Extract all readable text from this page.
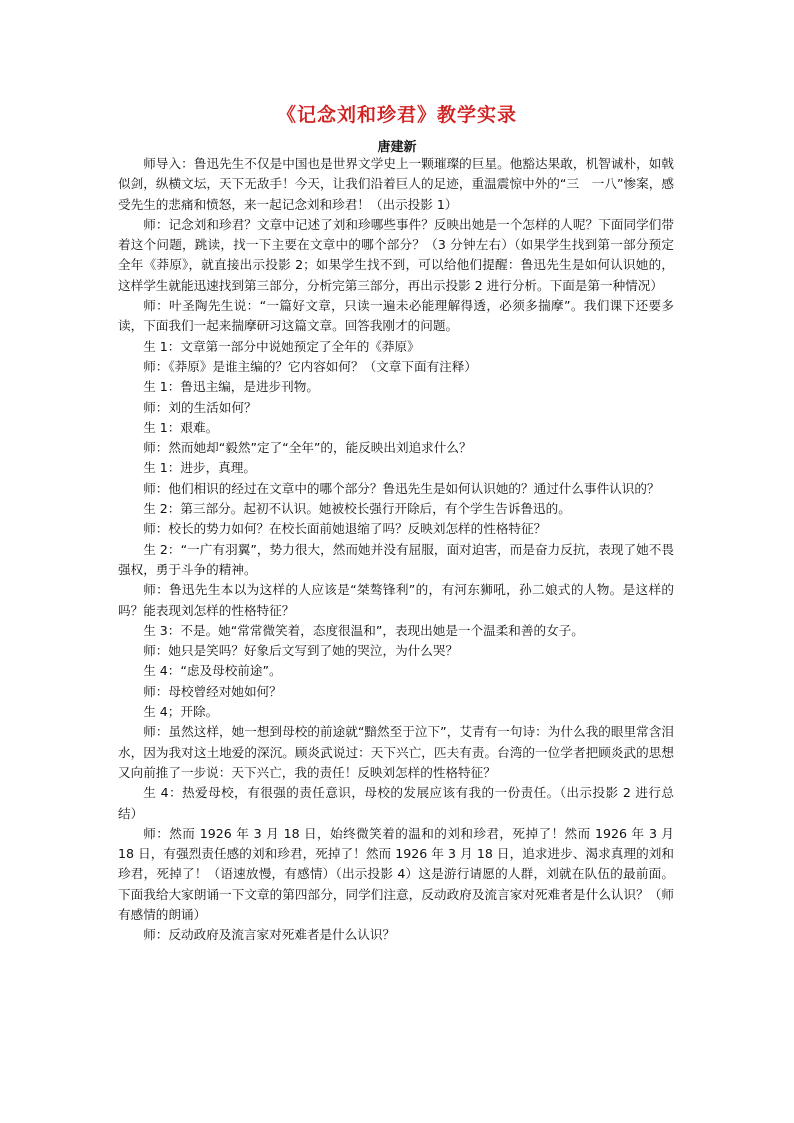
《记念刘和珍君》教学实录
唐建新

师导入：鲁迅先生不仅是中国也是世界文学史上一颗璀璨的巨星。他豁达果敢，机智诚朴，如戟似剑，纵横文坛，天下无敌手！今天，让我们沿着巨人的足迹，重温震惊中外的“三　一八”惨案，感受先生的悲痛和愤怒，来一起记念刘和珍君！（出示投影 1）

师：记念刘和珍君？文章中记述了刘和珍哪些事件？反映出她是一个怎样的人呢？下面同学们带着这个问题，跳读，找一下主要在文章中的哪个部分？（3 分钟左右）（如果学生找到第一部分预定全年《莽原》，就直接出示投影 2；如果学生找不到，可以给他们提醒：鲁迅先生是如何认识她的，这样学生就能迅速找到第三部分，分析完第三部分，再出示投影 2 进行分析。下面是第一种情况）

师：叶圣陶先生说：“一篇好文章，只读一遍未必能理解得透，必须多揣摩”。我们课下还要多读，下面我们一起来揣摩研习这篇文章。回答我刚才的问题。

生 1：文章第一部分中说她预定了全年的《莽原》

师：《莽原》是谁主编的？它内容如何？（文章下面有注释）

生 1：鲁迅主编，是进步刊物。

师：刘的生活如何？

生 1：艰难。

师：然而她却“毅然”定了“全年”的，能反映出刘追求什么？

生 1：进步，真理。

师：他们相识的经过在文章中的哪个部分？鲁迅先生是如何认识她的？通过什么事件认识的？

生 2：第三部分。起初不认识。她被校长强行开除后，有个学生告诉鲁迅的。

师：校长的势力如何？在校长面前她退缩了吗？反映刘怎样的性格特征？

生 2：“一广有羽翼”，势力很大，然而她并没有屈服，面对迫害，而是奋力反抗，表现了她不畏强权，勇于斗争的精神。

师：鲁迅先生本以为这样的人应该是“桀骜锋利”的，有河东狮吼，孙二娘式的人物。是这样的吗？能表现刘怎样的性格特征？

生 3：不是。她“常常微笑着，态度很温和”，表现出她是一个温柔和善的女子。

师：她只是笑吗？好象后文写到了她的哭泣，为什么哭？

生 4：“虑及母校前途”。

师：母校曾经对她如何？

生 4；开除。

师：虽然这样，她一想到母校的前途就“黯然至于泣下”，艾青有一句诗：为什么我的眼里常含泪水，因为我对这土地爱的深沉。顾炎武说过：天下兴亡，匹夫有责。台湾的一位学者把顾炎武的思想又向前推了一步说：天下兴亡，我的责任！反映刘怎样的性格特征？

生 4：热爱母校，有很强的责任意识，母校的发展应该有我的一份责任。（出示投影 2 进行总结）

师：然而 1926 年 3 月 18 日，始终微笑着的温和的刘和珍君，死掉了！然而 1926 年 3 月 18 日，有强烈责任感的刘和珍君，死掉了！然而 1926 年 3 月 18 日，追求进步、渴求真理的刘和珍君，死掉了！（语速放慢，有感情）（出示投影 4）这是游行请愿的人群，刘就在队伍的最前面。下面我给大家朗诵一下文章的第四部分，同学们注意，反动政府及流言家对死难者是什么认识？（师有感情的朗诵）

师：反动政府及流言家对死难者是什么认识？
